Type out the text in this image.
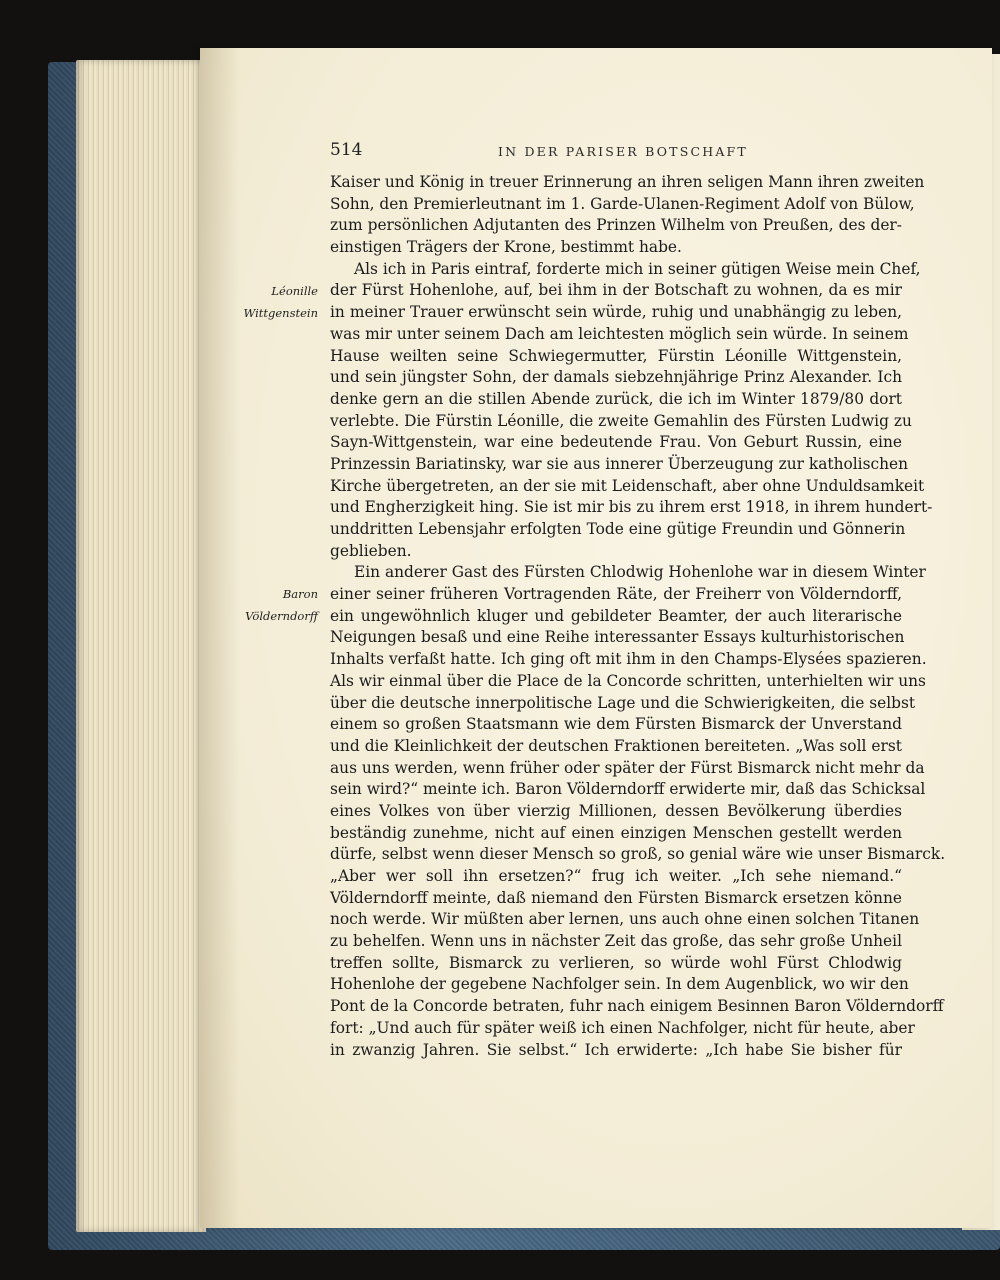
514	IN DER PARISER BOTSCHAFT
Léonille
Wittgenstein
Baron
Völderndorff
Kaiser und König in treuer Erinnerung an ihren seligen Mann ihren zweiten
Sohn, den Premierleutnant im 1. Garde-Ulanen-Regiment Adolf von Bülow,
zum persönlichen Adjutanten des Prinzen Wilhelm von Preußen, des der-
einstigen Trägers der Krone, bestimmt habe.
Als ich in Paris eintraf, forderte mich in seiner gütigen Weise mein Chef,
der Fürst Hohenlohe, auf, bei ihm in der Botschaft zu wohnen, da es mir
in meiner Trauer erwünscht sein würde, ruhig und unabhängig zu leben,
was mir unter seinem Dach am leichtesten möglich sein würde. In seinem
Hause weilten seine Schwiegermutter, Fürstin Léonille Wittgenstein,
und sein jüngster Sohn, der damals siebzehnjährige Prinz Alexander. Ich
denke gern an die stillen Abende zurück, die ich im Winter 1879/80 dort
verlebte. Die Fürstin Léonille, die zweite Gemahlin des Fürsten Ludwig zu
Sayn-Wittgenstein, war eine bedeutende Frau. Von Geburt Russin, eine
Prinzessin Bariatinsky, war sie aus innerer Überzeugung zur katholischen
Kirche übergetreten, an der sie mit Leidenschaft, aber ohne Unduldsamkeit
und Engherzigkeit hing. Sie ist mir bis zu ihrem erst 1918, in ihrem hundert-
unddritten Lebensjahr erfolgten Tode eine gütige Freundin und Gönnerin
geblieben.
Ein anderer Gast des Fürsten Chlodwig Hohenlohe war in diesem Winter
einer seiner früheren Vortragenden Räte, der Freiherr von Völderndorff,
ein ungewöhnlich kluger und gebildeter Beamter, der auch literarische
Neigungen besaß und eine Reihe interessanter Essays kulturhistorischen
Inhalts verfaßt hatte. Ich ging oft mit ihm in den Champs-Elysées spazieren.
Als wir einmal über die Place de la Concorde schritten, unterhielten wir uns
über die deutsche innerpolitische Lage und die Schwierigkeiten, die selbst
einem so großen Staatsmann wie dem Fürsten Bismarck der Unverstand
und die Kleinlichkeit der deutschen Fraktionen bereiteten. „Was soll erst
aus uns werden, wenn früher oder später der Fürst Bismarck nicht mehr da
sein wird?“ meinte ich. Baron Völderndorff erwiderte mir, daß das Schicksal
eines Volkes von über vierzig Millionen, dessen Bevölkerung überdies
beständig zunehme, nicht auf einen einzigen Menschen gestellt werden
dürfe, selbst wenn dieser Mensch so groß, so genial wäre wie unser Bismarck.
„Aber wer soll ihn ersetzen?“ frug ich weiter. „Ich sehe niemand.“
Völderndorff meinte, daß niemand den Fürsten Bismarck ersetzen könne
noch werde. Wir müßten aber lernen, uns auch ohne einen solchen Titanen
zu behelfen. Wenn uns in nächster Zeit das große, das sehr große Unheil
treffen sollte, Bismarck zu verlieren, so würde wohl Fürst Chlodwig
Hohenlohe der gegebene Nachfolger sein. In dem Augenblick, wo wir den
Pont de la Concorde betraten, fuhr nach einigem Besinnen Baron Völderndorff
fort: „Und auch für später weiß ich einen Nachfolger, nicht für heute, aber
in zwanzig Jahren. Sie selbst.“ Ich erwiderte: „Ich habe Sie bisher für
